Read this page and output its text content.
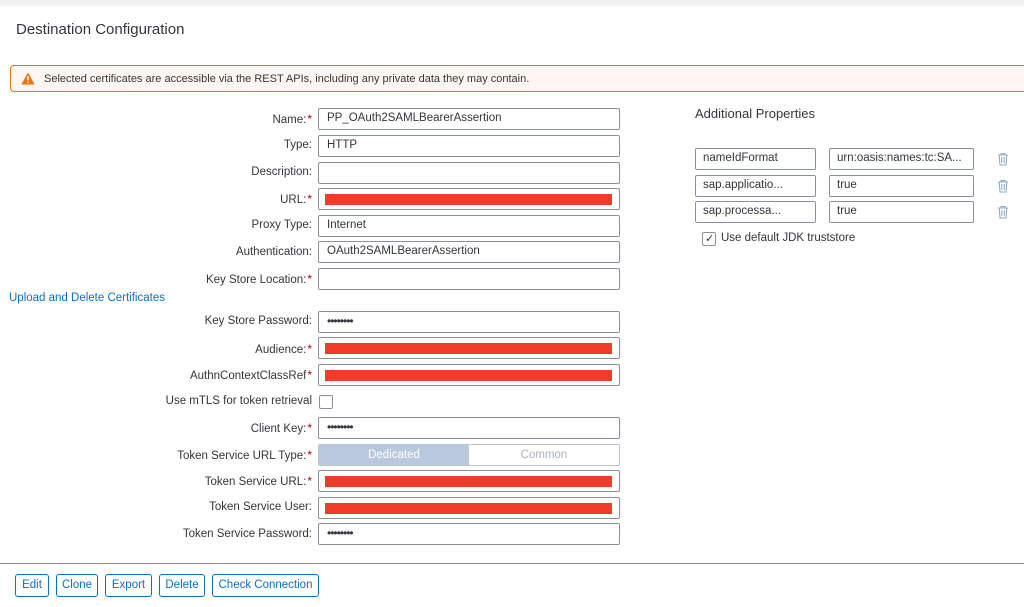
Destination Configuration
Selected certificates are accessible via the REST APIs, including any private data they may contain.
Name:*	PP_OAuth2SAMLBearerAssertion
Type:	HTTP
Description:
URL:*
Proxy Type:	Internet
Authentication:	OAuth2SAMLBearerAssertion
Key Store Location:*
Upload and Delete Certificates
Key Store Password:	••••••••
Audience:*
AuthnContextClassRef*
Use mTLS for token retrieval
Client Key:*	••••••••
Token Service URL Type:*	Dedicated	Common
Token Service URL:*
Token Service User:
Token Service Password:	••••••••
Additional Properties
nameIdFormat	urn:oasis:names:tc:SA...
sap.applicatio...	true
sap.processa...	true
✓ Use default JDK truststore
Edit	Clone	Export	Delete	Check Connection
